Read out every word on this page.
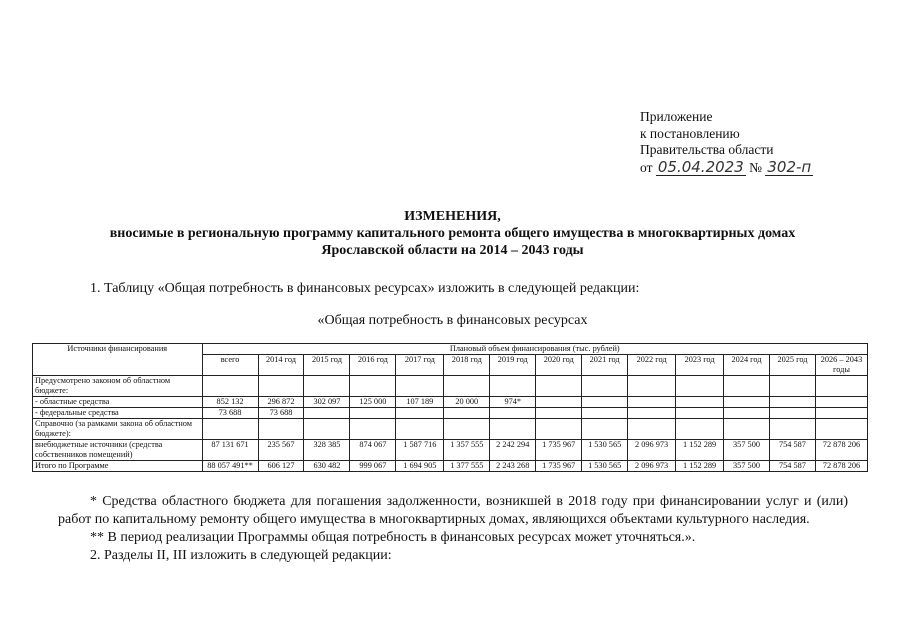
Приложение
к постановлению
Правительства области
от 05.04.2023 № 302-п
ИЗМЕНЕНИЯ,
вносимые в региональную программу капитального ремонта общего имущества в многоквартирных домах
Ярославской области на 2014 – 2043 годы
1. Таблицу «Общая потребность в финансовых ресурсах» изложить в следующей редакции:
«Общая потребность в финансовых ресурсах
Источники финансирования	Плановый объем финансирования (тыс. рублей)													
	всего	2014 год	2015 год	2016 год	2017 год	2018 год	2019 год	2020 год	2021 год	2022 год	2023 год	2024 год	2025 год	2026 – 2043 годы
Предусмотрено законом об областном бюджете:														
- областные средства	852 132	296 872	302 097	125 000	107 189	20 000	974*							
- федеральные средства	73 688	73 688												
Справочно (за рамками закона об областном бюджете):														
внебюджетные источники (средства собственников помещений)	87 131 671	235 567	328 385	874 067	1 587 716	1 357 555	2 242 294	1 735 967	1 530 565	2 096 973	1 152 289	357 500	754 587	72 878 206
Итого по Программе	88 057 491**	606 127	630 482	999 067	1 694 905	1 377 555	2 243 268	1 735 967	1 530 565	2 096 973	1 152 289	357 500	754 587	72 878 206

* Средства областного бюджета для погашения задолженности, возникшей в 2018 году при финансировании услуг и (или) работ по капитальному ремонту общего имущества в многоквартирных домах, являющихся объектами культурного наследия.

** В период реализации Программы общая потребность в финансовых ресурсах может уточняться.».

2. Разделы II, III изложить в следующей редакции:
